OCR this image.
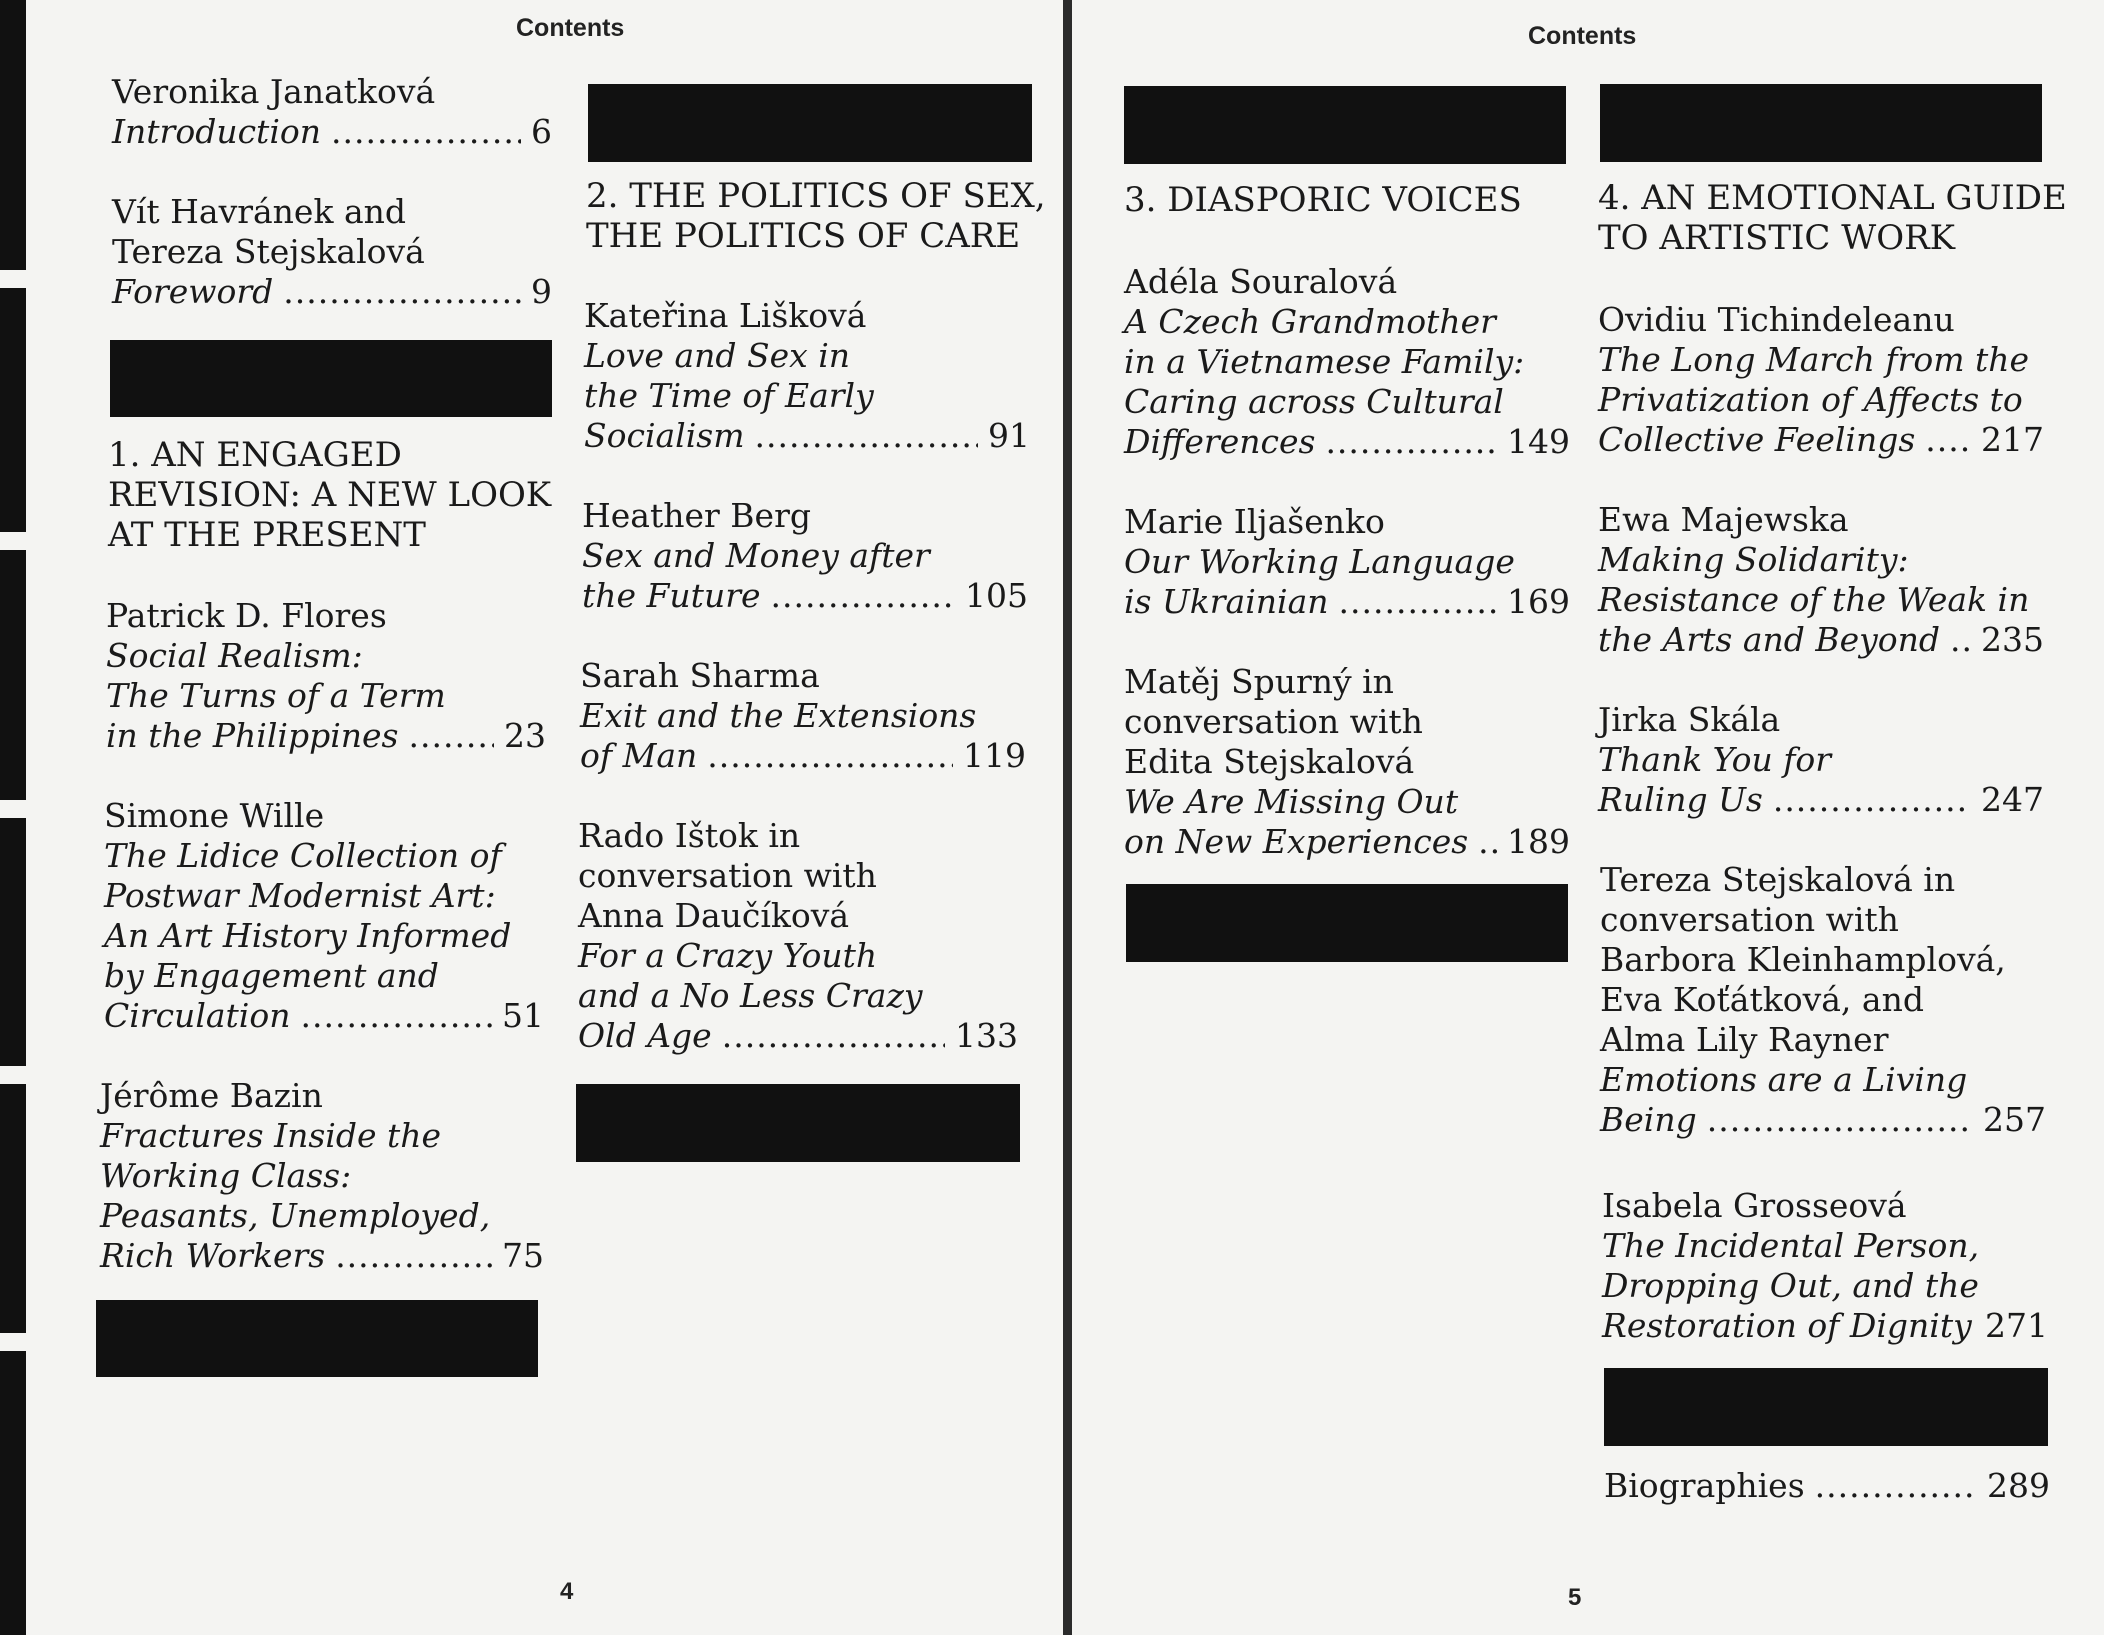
Contents
Veronika Janatková
Introduction .....	6
Vít Havránek and
Tereza Stejskalová
Foreword .....	9
1. AN ENGAGED
REVISION: A NEW LOOK
AT THE PRESENT
Patrick D. Flores
Social Realism:
The Turns of a Term
in the Philippines .....	23
Simone Wille
The Lidice Collection of
Postwar Modernist Art:
An Art History Informed
by Engagement and
Circulation .....	51
Jérôme Bazin
Fractures Inside the
Working Class:
Peasants, Unemployed,
Rich Workers .....	75
2. THE POLITICS OF SEX,
THE POLITICS OF CARE
Kateřina Lišková
Love and Sex in
the Time of Early
Socialism .....	91
Heather Berg
Sex and Money after
the Future .....	105
Sarah Sharma
Exit and the Extensions
of Man .....	119
Rado Ištok in
conversation with
Anna Daučíková
For a Crazy Youth
and a No Less Crazy
Old Age .....	133
4
Contents
3. DIASPORIC VOICES
Adéla Souralová
A Czech Grandmother
in a Vietnamese Family:
Caring across Cultural
Differences .....	149
Marie Iljašenko
Our Working Language
is Ukrainian .....	169
Matěj Spurný in
conversation with
Edita Stejskalová
We Are Missing Out
on New Experiences ..... 189
4. AN EMOTIONAL GUIDE
TO ARTISTIC WORK
Ovidiu Tichindeleanu
The Long March from the
Privatization of Affects to
Collective Feelings ..... 217
Ewa Majewska
Making Solidarity:
Resistance of the Weak in
the Arts and Beyond ..... 235
Jirka Skála
Thank You for
Ruling Us .....	247
Tereza Stejskalová in
conversation with
Barbora Kleinhamplová,
Eva Koťátková, and
Alma Lily Rayner
Emotions are a Living
Being .....	257
Isabela Grosseová
The Incidental Person,
Dropping Out, and the
Restoration of Dignity ..... 271
Biographies .....	289
5
